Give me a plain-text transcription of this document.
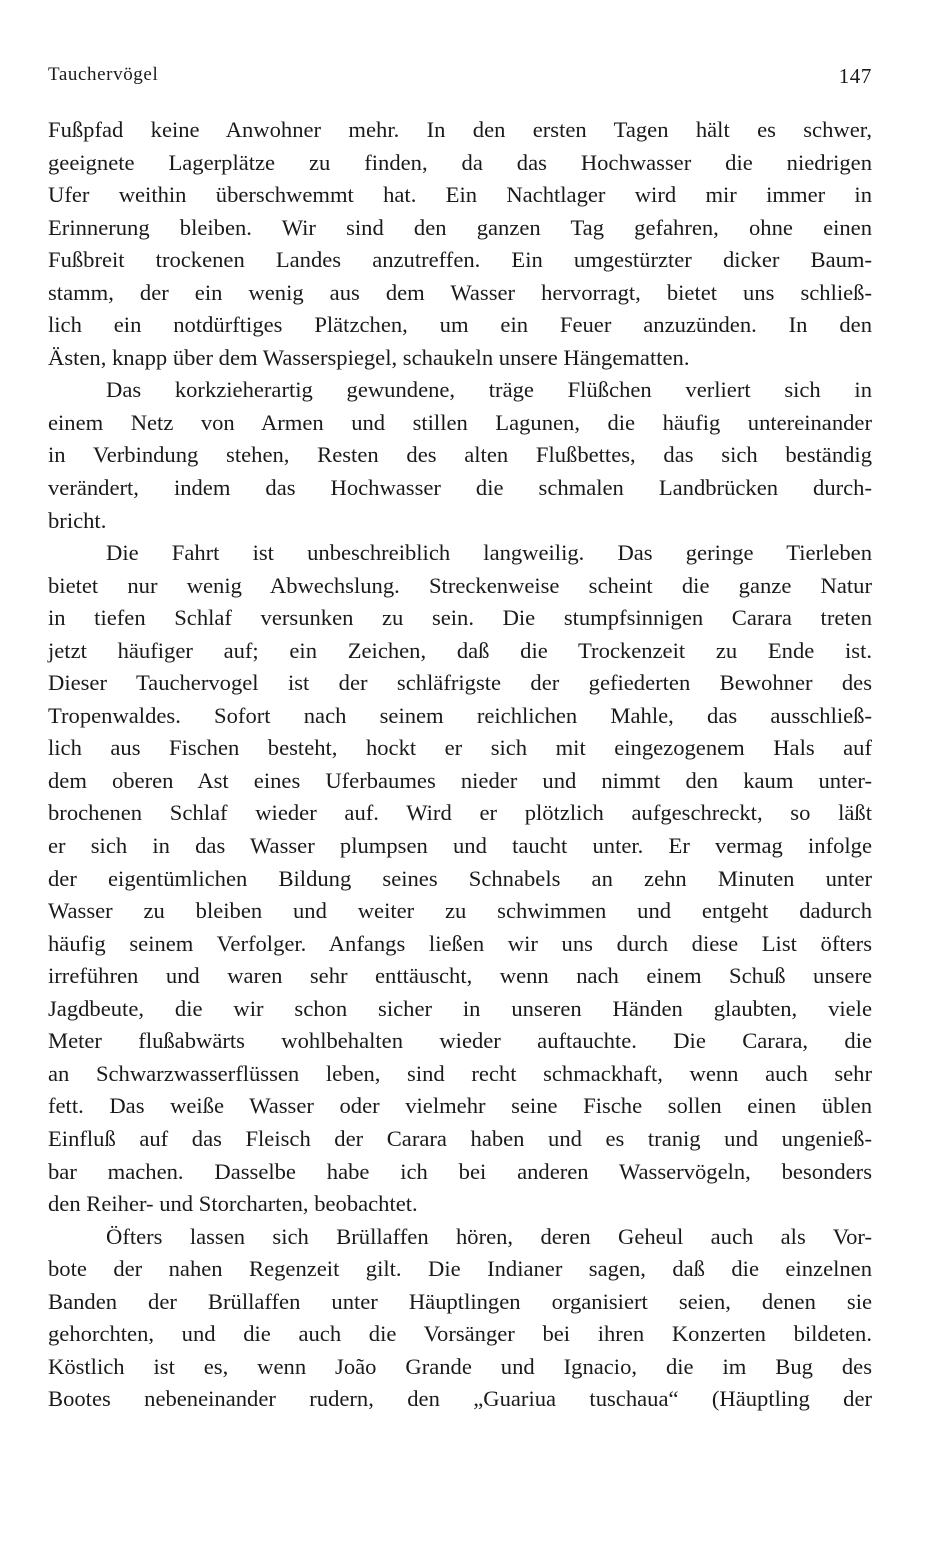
Tauchervögel	147
Fußpfad keine Anwohner mehr. In den ersten Tagen hält es schwer,
geeignete Lagerplätze zu finden, da das Hochwasser die niedrigen
Ufer weithin überschwemmt hat. Ein Nachtlager wird mir immer in
Erinnerung bleiben. Wir sind den ganzen Tag gefahren, ohne einen
Fußbreit trockenen Landes anzutreffen. Ein umgestürzter dicker Baum-
stamm, der ein wenig aus dem Wasser hervorragt, bietet uns schließ-
lich ein notdürftiges Plätzchen, um ein Feuer anzuzünden. In den
Ästen, knapp über dem Wasserspiegel, schaukeln unsere Hängematten.
Das korkzieherartig gewundene, träge Flüßchen verliert sich in
einem Netz von Armen und stillen Lagunen, die häufig untereinander
in Verbindung stehen, Resten des alten Flußbettes, das sich beständig
verändert, indem das Hochwasser die schmalen Landbrücken durch-
bricht.
Die Fahrt ist unbeschreiblich langweilig. Das geringe Tierleben
bietet nur wenig Abwechslung. Streckenweise scheint die ganze Natur
in tiefen Schlaf versunken zu sein. Die stumpfsinnigen Carara treten
jetzt häufiger auf; ein Zeichen, daß die Trockenzeit zu Ende ist.
Dieser Tauchervogel ist der schläfrigste der gefiederten Bewohner des
Tropenwaldes. Sofort nach seinem reichlichen Mahle, das ausschließ-
lich aus Fischen besteht, hockt er sich mit eingezogenem Hals auf
dem oberen Ast eines Uferbaumes nieder und nimmt den kaum unter-
brochenen Schlaf wieder auf. Wird er plötzlich aufgeschreckt, so läßt
er sich in das Wasser plumpsen und taucht unter. Er vermag infolge
der eigentümlichen Bildung seines Schnabels an zehn Minuten unter
Wasser zu bleiben und weiter zu schwimmen und entgeht dadurch
häufig seinem Verfolger. Anfangs ließen wir uns durch diese List öfters
irreführen und waren sehr enttäuscht, wenn nach einem Schuß unsere
Jagdbeute, die wir schon sicher in unseren Händen glaubten, viele
Meter flußabwärts wohlbehalten wieder auftauchte. Die Carara, die
an Schwarzwasserflüssen leben, sind recht schmackhaft, wenn auch sehr
fett. Das weiße Wasser oder vielmehr seine Fische sollen einen üblen
Einfluß auf das Fleisch der Carara haben und es tranig und ungenieß-
bar machen. Dasselbe habe ich bei anderen Wasservögeln, besonders
den Reiher- und Storcharten, beobachtet.
Öfters lassen sich Brüllaffen hören, deren Geheul auch als Vor-
bote der nahen Regenzeit gilt. Die Indianer sagen, daß die einzelnen
Banden der Brüllaffen unter Häuptlingen organisiert seien, denen sie
gehorchten, und die auch die Vorsänger bei ihren Konzerten bildeten.
Köstlich ist es, wenn João Grande und Ignacio, die im Bug des
Bootes nebeneinander rudern, den „Guariua tuschaua“ (Häuptling der
